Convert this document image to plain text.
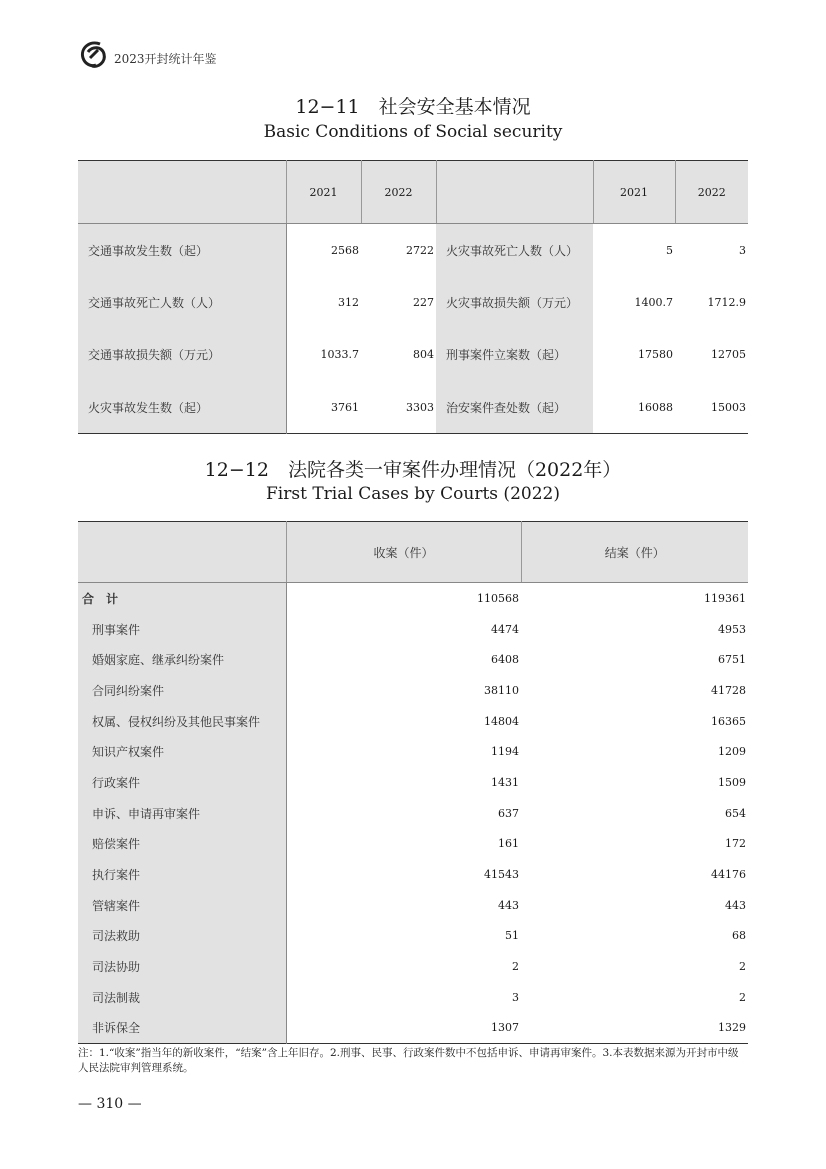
2023开封统计年鉴
12−11　社会安全基本情况
Basic Conditions of Social security
	2021	2022		2021	2022
交通事故发生数（起）	2568	2722	火灾事故死亡人数（人）	5	3
交通事故死亡人数（人）	312	227	火灾事故损失额（万元）	1400.7	1712.9
交通事故损失额（万元）	1033.7	804	刑事案件立案数（起）	17580	12705
火灾事故发生数（起）	3761	3303	治安案件查处数（起）	16088	15003
12−12　法院各类一审案件办理情况（2022年）
First Trial Cases by Courts (2022)
	收案（件）	结案（件）
合　计	110568	119361
刑事案件	4474	4953
婚姻家庭、继承纠纷案件	6408	6751
合同纠纷案件	38110	41728
权属、侵权纠纷及其他民事案件	14804	16365
知识产权案件	1194	1209
行政案件	1431	1509
申诉、申请再审案件	637	654
赔偿案件	161	172
执行案件	41543	44176
管辖案件	443	443
司法救助	51	68
司法协助	2	2
司法制裁	3	2
非诉保全	1307	1329
注：1.“收案”指当年的新收案件，“结案”含上年旧存。2.刑事、民事、行政案件数中不包括申诉、申请再审案件。3.本表数据来源为开封市中级人民法院审判管理系统。
— 310 —
